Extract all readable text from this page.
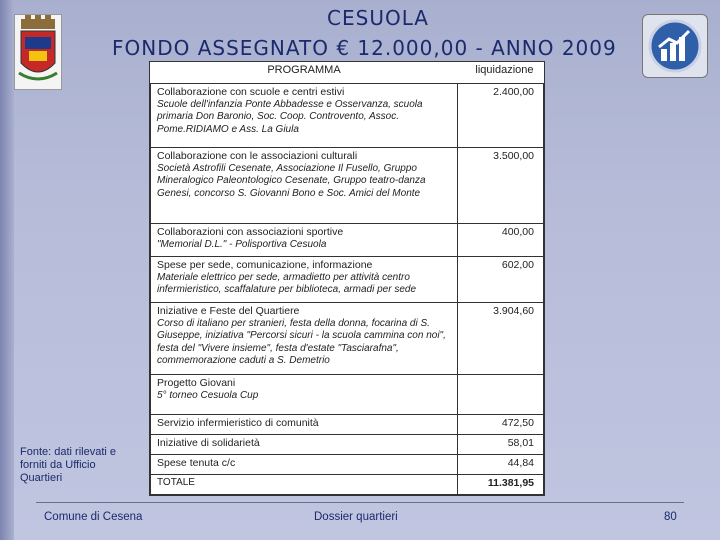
CESUOLA
FONDO ASSEGNATO € 12.000,00 - ANNO 2009
PROGRAMMA	liquidazione

Collaborazione con scuole e centri estivi
Scuole dell'infanzia Ponte Abbadesse e Osservanza, scuola primaria Don Baronio, Soc. Coop. Controvento, Assoc. Pome.RIDIAMO e Ass. La Giula	2.400,00

Collaborazione con le associazioni culturali
Società Astrofili Cesenate, Associazione Il Fusello, Gruppo Mineralogico Paleontologico Cesenate, Gruppo teatro-danza Genesi, concorso S. Giovanni Bono e Soc. Amici del Monte	3.500,00

Collaborazioni con associazioni sportive
"Memorial D.L." - Polisportiva Cesuola	400,00

Spese per sede, comunicazione, informazione
Materiale elettrico per sede, armadietto per attività centro infermieristico, scaffalature per biblioteca, armadi per sede	602,00

Iniziative e Feste del Quartiere
Corso di italiano per stranieri, festa della donna, focarina di S. Giuseppe, iniziativa "Percorsi sicuri - la scuola cammina con noi", festa del "Vivere insieme", festa d'estate "Tasciarafna", commemorazione caduti a S. Demetrio	3.904,60

Progetto Giovani
5° torneo Cesuola Cup	

Servizio infermieristico di comunità	472,50

Iniziative di solidarietà	58,01

Spese tenuta c/c	44,84
TOTALE	11.381,95
Fonte: dati rilevati e forniti da Ufficio Quartieri
Comune di Cesena	Dossier quartieri	80
